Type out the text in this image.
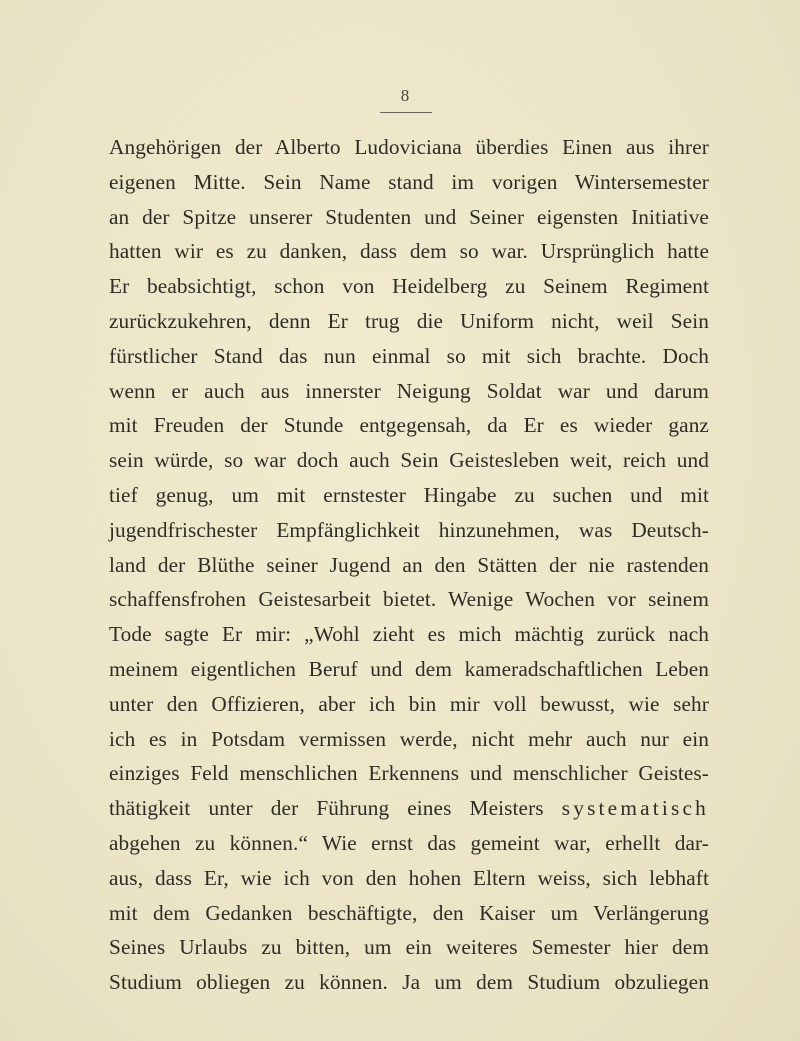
8
Angehörigen der Alberto Ludoviciana überdies Einen aus ihrer
eigenen Mitte. Sein Name stand im vorigen Wintersemester
an der Spitze unserer Studenten und Seiner eigensten Initiative
hatten wir es zu danken, dass dem so war. Ursprünglich hatte
Er beabsichtigt, schon von Heidelberg zu Seinem Regiment
zurückzukehren, denn Er trug die Uniform nicht, weil Sein
fürstlicher Stand das nun einmal so mit sich brachte. Doch
wenn er auch aus innerster Neigung Soldat war und darum
mit Freuden der Stunde entgegensah, da Er es wieder ganz
sein würde, so war doch auch Sein Geistesleben weit, reich und
tief genug, um mit ernstester Hingabe zu suchen und mit
jugendfrischester Empfänglichkeit hinzunehmen, was Deutsch-
land der Blüthe seiner Jugend an den Stätten der nie rastenden
schaffensfrohen Geistesarbeit bietet. Wenige Wochen vor seinem
Tode sagte Er mir: „Wohl zieht es mich mächtig zurück nach
meinem eigentlichen Beruf und dem kameradschaftlichen Leben
unter den Offizieren, aber ich bin mir voll bewusst, wie sehr
ich es in Potsdam vermissen werde, nicht mehr auch nur ein
einziges Feld menschlichen Erkennens und menschlicher Geistes-
thätigkeit unter der Führung eines Meisters systematisch
abgehen zu können.“ Wie ernst das gemeint war, erhellt dar-
aus, dass Er, wie ich von den hohen Eltern weiss, sich lebhaft
mit dem Gedanken beschäftigte, den Kaiser um Verlängerung
Seines Urlaubs zu bitten, um ein weiteres Semester hier dem
Studium obliegen zu können. Ja um dem Studium obzuliegen
